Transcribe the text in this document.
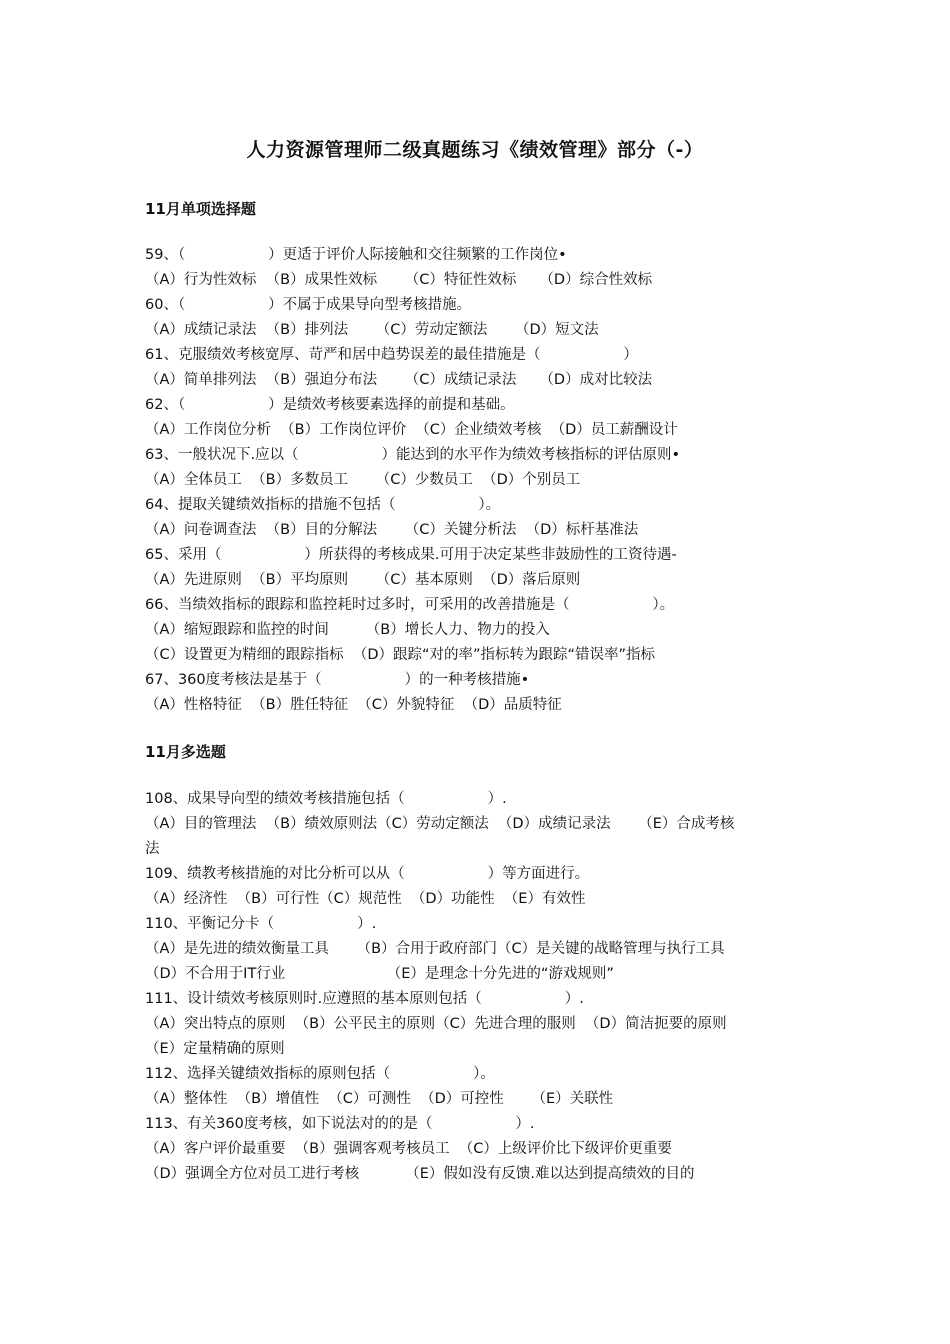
人力资源管理师二级真题练习《绩效管理》部分（-）
11月单项选择题
59、（                  ）更适于评价人际接触和交往频繁的工作岗位•
（A）行为性效标  （B）成果性效标      （C）特征性效标     （D）综合性效标
60、（                  ）不属于成果导向型考核措施。
（A）成绩记录法  （B）排列法      （C）劳动定额法      （D）短文法
61、克服绩效考核宽厚、苛严和居中趋势误差的最佳措施是（                  ）
（A）简单排列法  （B）强迫分布法      （C）成绩记录法     （D）成对比较法
62、（                  ）是绩效考核要素选择的前提和基础。
（A）工作岗位分析  （B）工作岗位评价  （C）企业绩效考核  （D）员工薪酬设计
63、一般状况下.应以（                  ）能达到的水平作为绩效考核指标的评估原则•
（A）全体员工  （B）多数员工      （C）少数员工  （D）个别员工
64、提取关键绩效指标的措施不包括（                  ）。
（A）问卷调查法  （B）目的分解法      （C）关键分析法  （D）标杆基准法
65、采用（                  ）所获得的考核成果.可用于决定某些非鼓励性的工资待遇-
（A）先进原则  （B）平均原则      （C）基本原则  （D）落后原则
66、当绩效指标的跟踪和监控耗时过多时，可采用的改善措施是（                  ）。
（A）缩短跟踪和监控的时间        （B）增长人力、物力的投入
（C）设置更为精细的跟踪指标  （D）跟踪“对的率”指标转为跟踪“错误率”指标
67、360度考核法是基于（                  ）的一种考核措施•
（A）性格特征  （B）胜任特征  （C）外貌特征  （D）品质特征
11月多选题
108、成果导向型的绩效考核措施包括（                  ）.
（A）目的管理法  （B）绩效原则法（C）劳动定额法  （D）成绩记录法      （E）合成考核
法
109、绩教考核措施的对比分析可以从（                  ）等方面进行。
（A）经济性  （B）可行性（C）规范性  （D）功能性  （E）有效性
110、平衡记分卡（                  ）.
（A）是先进的绩效衡量工具      （B）合用于政府部门（C）是关键的战略管理与执行工具
（D）不合用于IT行业                      （E）是理念十分先进的“游戏规则”
111、设计绩效考核原则时.应遵照的基本原则包括（                  ）.
（A）突出特点的原则  （B）公平民主的原则（C）先进合理的服则  （D）简洁扼要的原则
（E）定量精确的原则
112、选择关键绩效指标的原则包括（                  ）。
（A）整体性  （B）增值性  （C）可测性  （D）可控性      （E）关联性
113、有关360度考核，如下说法对的的是（                  ）.
（A）客户评价最重要  （B）强调客观考核员工  （C）上级评价比下级评价更重要
（D）强调全方位对员工进行考核          （E）假如没有反馈.难以达到提高绩效的目的
